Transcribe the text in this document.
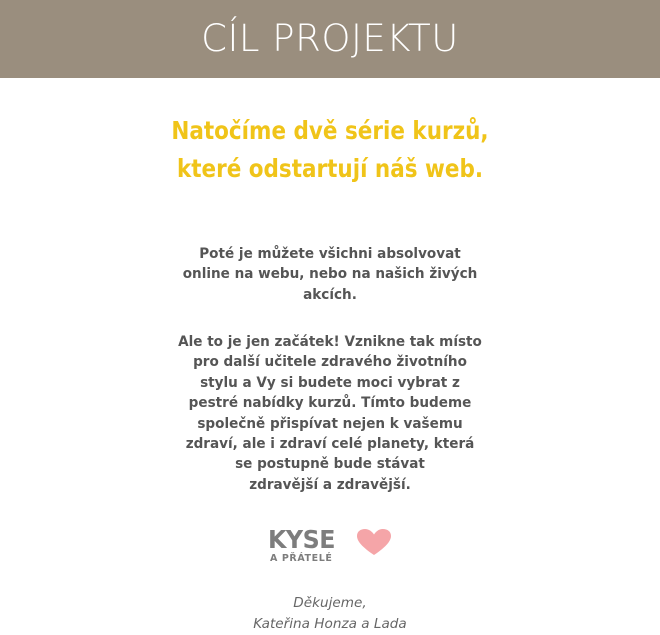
CÍL PROJEKTU
Natočíme dvě série kurzů,
které odstartují náš web.
Poté je můžete všichni absolvovat
online na webu, nebo na našich živých
akcích.
Ale to je jen začátek! Vznikne tak místo
pro další učitele zdravého životního
stylu a Vy si budete moci vybrat z
pestré nabídky kurzů. Tímto budeme
společně přispívat nejen k vašemu
zdraví, ale i zdraví celé planety, která
se postupně bude stávat
zdravější a zdravější.
KYSE
A PŘÁTELÉ
Děkujeme,
Kateřina Honza a Lada
